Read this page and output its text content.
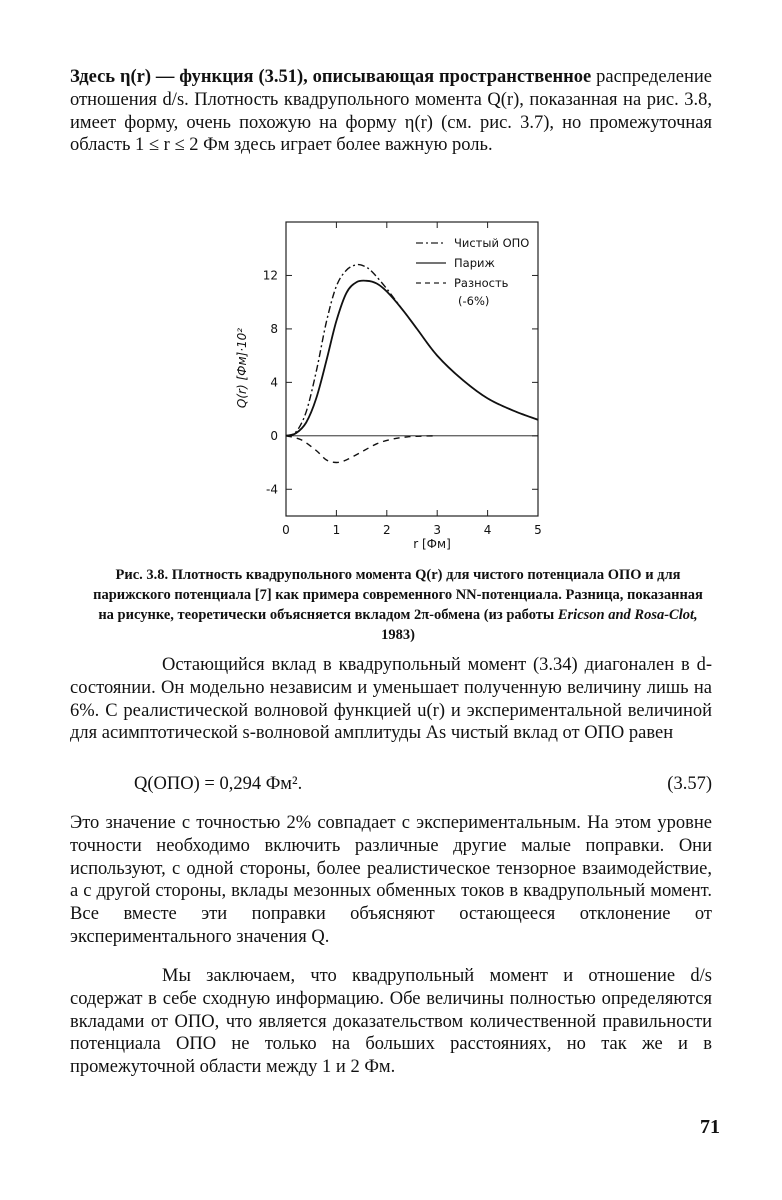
Здесь η(r) — функция (3.51), описывающая пространственное распределение отношения d/s. Плотность квадрупольного момента Q(r), показанная на рис. 3.8, имеет форму, очень похожую на форму η(r) (см. рис. 3.7), но промежуточная область 1 ≤ r ≤ 2 Фм здесь играет более важную роль.

0	1	2	3	4	5
12
8
4
0
-4
Q(r) [Фм]·10²
r [Фм]
Чистый ОПО
Париж
Разность
(-6%)

Рис. 3.8. Плотность квадрупольного момента Q(r) для чистого потенциала ОПО и для парижского потенциала [7] как примера современного NN-потенциала. Разница, показанная на рисунке, теоретически объясняется вкладом 2π-обмена (из работы Ericson and Rosa-Clot, 1983)

Остающийся вклад в квадрупольный момент (3.34) диагонален в d-состоянии. Он модельно независим и уменьшает полученную величину лишь на 6%. С реалистической волновой функцией u(r) и экспериментальной величиной для асимптотической s-волновой амплитуды As чистый вклад от ОПО равен

Q(ОПО) = 0,294 Фм².	(3.57)

Это значение с точностью 2% совпадает с экспериментальным. На этом уровне точности необходимо включить различные другие малые поправки. Они используют, с одной стороны, более реалистическое тензорное взаимодействие, а с другой стороны, вклады мезонных обменных токов в квадрупольный момент. Все вместе эти поправки объясняют остающееся отклонение от экспериментального значения Q.

Мы заключаем, что квадрупольный момент и отношение d/s содержат в себе сходную информацию. Обе величины полностью определяются вкладами от ОПО, что является доказательством количественной правильности потенциала ОПО не только на больших расстояниях, но так же и в промежуточной области между 1 и 2 Фм.

71
